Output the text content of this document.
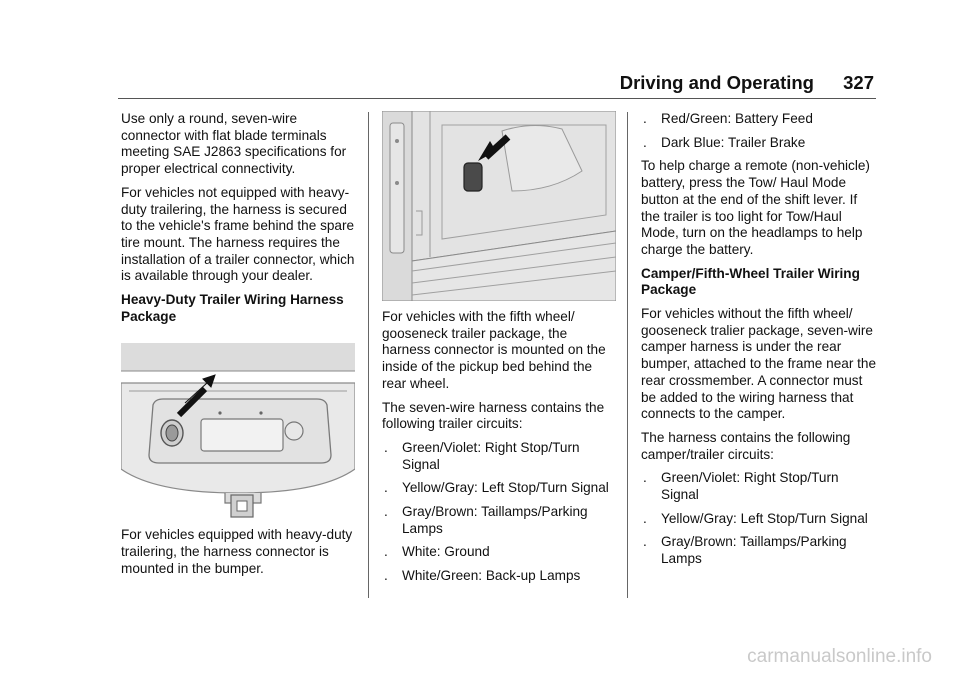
Driving and Operating	327

Use only a round, seven-wire connector with flat blade terminals meeting SAE J2863 specifications for proper electrical connectivity.

For vehicles not equipped with heavy-duty trailering, the harness is secured to the vehicle's frame behind the spare tire mount. The harness requires the installation of a trailer connector, which is available through your dealer.

Heavy-Duty Trailer Wiring Harness Package

For vehicles equipped with heavy-duty trailering, the harness connector is mounted in the bumper.

For vehicles with the fifth wheel/ gooseneck trailer package, the harness connector is mounted on the inside of the pickup bed behind the rear wheel.

The seven-wire harness contains the following trailer circuits:

. Green/Violet: Right Stop/Turn Signal
. Yellow/Gray: Left Stop/Turn Signal
. Gray/Brown: Taillamps/Parking Lamps
. White: Ground
. White/Green: Back-up Lamps
. Red/Green: Battery Feed
. Dark Blue: Trailer Brake

To help charge a remote (non-vehicle) battery, press the Tow/ Haul Mode button at the end of the shift lever. If the trailer is too light for Tow/Haul Mode, turn on the headlamps to help charge the battery.

Camper/Fifth-Wheel Trailer Wiring Package

For vehicles without the fifth wheel/ gooseneck tralier package, seven-wire camper harness is under the rear bumper, attached to the frame near the rear crossmember. A connector must be added to the wiring harness that connects to the camper.

The harness contains the following camper/trailer circuits:

. Green/Violet: Right Stop/Turn Signal
. Yellow/Gray: Left Stop/Turn Signal
. Gray/Brown: Taillamps/Parking Lamps
carmanualsonline.info
